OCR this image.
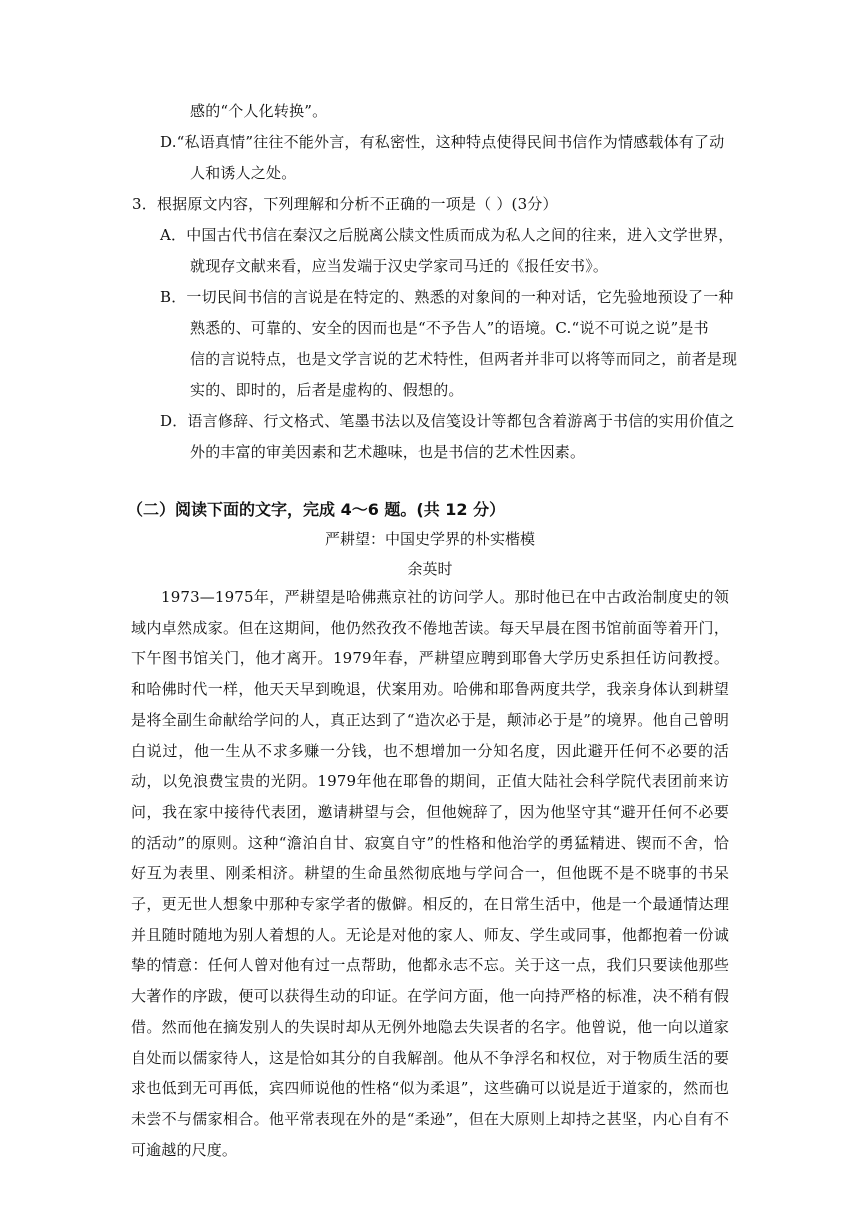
感的“个人化转换”。

D.“私语真情”往往不能外言，有私密性，这种特点使得民间书信作为情感载体有了动

人和诱人之处。

3．根据原文内容，下列理解和分析不正确的一项是（ ）(3分）

A．中国古代书信在秦汉之后脱离公牍文性质而成为私人之间的往来，进入文学世界，

就现存文献来看，应当发端于汉史学家司马迁的《报任安书》。

B．一切民间书信的言说是在特定的、熟悉的对象间的一种对话，它先验地预设了一种

熟悉的、可靠的、安全的因而也是“不予告人”的语境。C.“说不可说之说”是书

信的言说特点，也是文学言说的艺术特性，但两者并非可以将等而同之，前者是现

实的、即时的，后者是虚构的、假想的。

D．语言修辞、行文格式、笔墨书法以及信笺设计等都包含着游离于书信的实用价值之

外的丰富的审美因素和艺术趣味，也是书信的艺术性因素。

（二）阅读下面的文字，完成 4～6 题。(共 12 分）

严耕望：中国史学界的朴实楷模

余英时

1973—1975年，严耕望是哈佛燕京社的访问学人。那时他已在中古政治制度史的领域内卓然成家。但在这期间，他仍然孜孜不倦地苦读。每天早晨在图书馆前面等着开门，下午图书馆关门，他才离开。1979年春，严耕望应聘到耶鲁大学历史系担任访问教授。和哈佛时代一样，他天天早到晚退，伏案用劝。哈佛和耶鲁两度共学，我亲身体认到耕望是将全副生命献给学问的人，真正达到了“造次必于是，颠沛必于是”的境界。他自己曾明白说过，他一生从不求多赚一分钱，也不想增加一分知名度，因此避开任何不必要的活动，以免浪费宝贵的光阴。1979年他在耶鲁的期间，正值大陆社会科学院代表团前来访问，我在家中接待代表团，邀请耕望与会，但他婉辞了，因为他坚守其“避开任何不必要的活动”的原则。这种“澹泊自甘、寂寞自守”的性格和他治学的勇猛精进、锲而不舍，恰好互为表里、刚柔相济。耕望的生命虽然彻底地与学问合一，但他既不是不晓事的书呆子，更无世人想象中那种专家学者的傲僻。相反的，在日常生活中，他是一个最通情达理并且随时随地为别人着想的人。无论是对他的家人、师友、学生或同事，他都抱着一份诚挚的情意：任何人曾对他有过一点帮助，他都永志不忘。关于这一点，我们只要读他那些大著作的序跋，便可以获得生动的印证。在学问方面，他一向持严格的标准，决不稍有假借。然而他在摘发别人的失误时却从无例外地隐去失误者的名字。他曾说，他一向以道家自处而以儒家待人，这是恰如其分的自我解剖。他从不争浮名和权位，对于物质生活的要求也低到无可再低，宾四师说他的性格“似为柔退”，这些确可以说是近于道家的，然而也未尝不与儒家相合。他平常表现在外的是“柔逊”，但在大原则上却持之甚坚，内心自有不可逾越的尺度。
